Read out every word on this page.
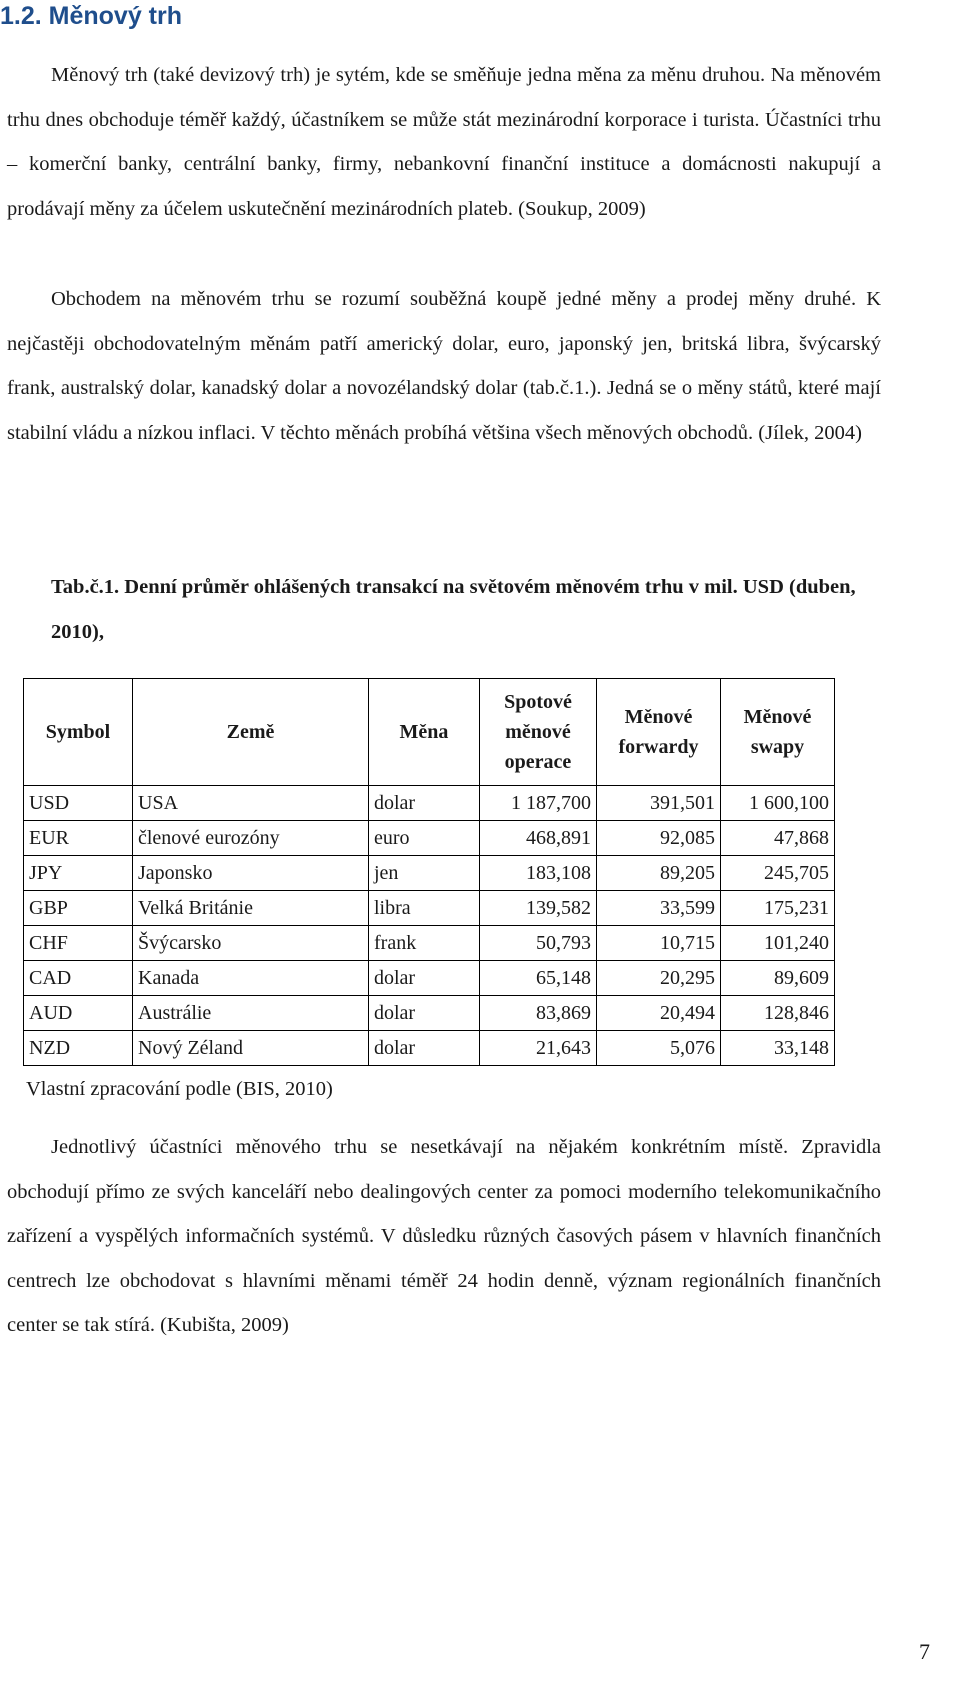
1.2. Měnový trh
Měnový trh (také devizový trh) je sytém, kde se směňuje jedna měna za měnu druhou. Na měnovém trhu dnes obchoduje téměř každý, účastníkem se může stát mezinárodní korporace i turista. Účastníci trhu – komerční banky, centrální banky, firmy, nebankovní finanční instituce a domácnosti nakupují a prodávají měny za účelem uskutečnění mezinárodních plateb. (Soukup, 2009)
Obchodem na měnovém trhu se rozumí souběžná koupě jedné měny a prodej měny druhé. K nejčastěji obchodovatelným měnám patří americký dolar, euro, japonský jen, britská libra, švýcarský frank, australský dolar, kanadský dolar a novozélandský dolar (tab.č.1.). Jedná se o měny států, které mají stabilní vládu a nízkou inflaci. V těchto měnách probíhá většina všech měnových obchodů. (Jílek, 2004)
Tab.č.1. Denní průměr ohlášených transakcí na světovém měnovém trhu v mil. USD (duben, 2010),
Symbol	Země	Měna	Spotové měnové operace	Měnové forwardy	Měnové swapy
USD	USA	dolar	1 187,700	391,501	1 600,100
EUR	členové eurozóny	euro	468,891	92,085	47,868
JPY	Japonsko	jen	183,108	89,205	245,705
GBP	Velká Británie	libra	139,582	33,599	175,231
CHF	Švýcarsko	frank	50,793	10,715	101,240
CAD	Kanada	dolar	65,148	20,295	89,609
AUD	Austrálie	dolar	83,869	20,494	128,846
NZD	Nový Zéland	dolar	21,643	5,076	33,148
Vlastní zpracování podle (BIS, 2010)
Jednotlivý účastníci měnového trhu se nesetkávají na nějakém konkrétním místě. Zpravidla obchodují přímo ze svých kanceláří nebo dealingových center za pomoci moderního telekomunikačního zařízení a vyspělých informačních systémů. V důsledku různých časových pásem v hlavních finančních centrech lze obchodovat s hlavními měnami téměř 24 hodin denně, význam regionálních finančních center se tak stírá. (Kubišta, 2009)
7
